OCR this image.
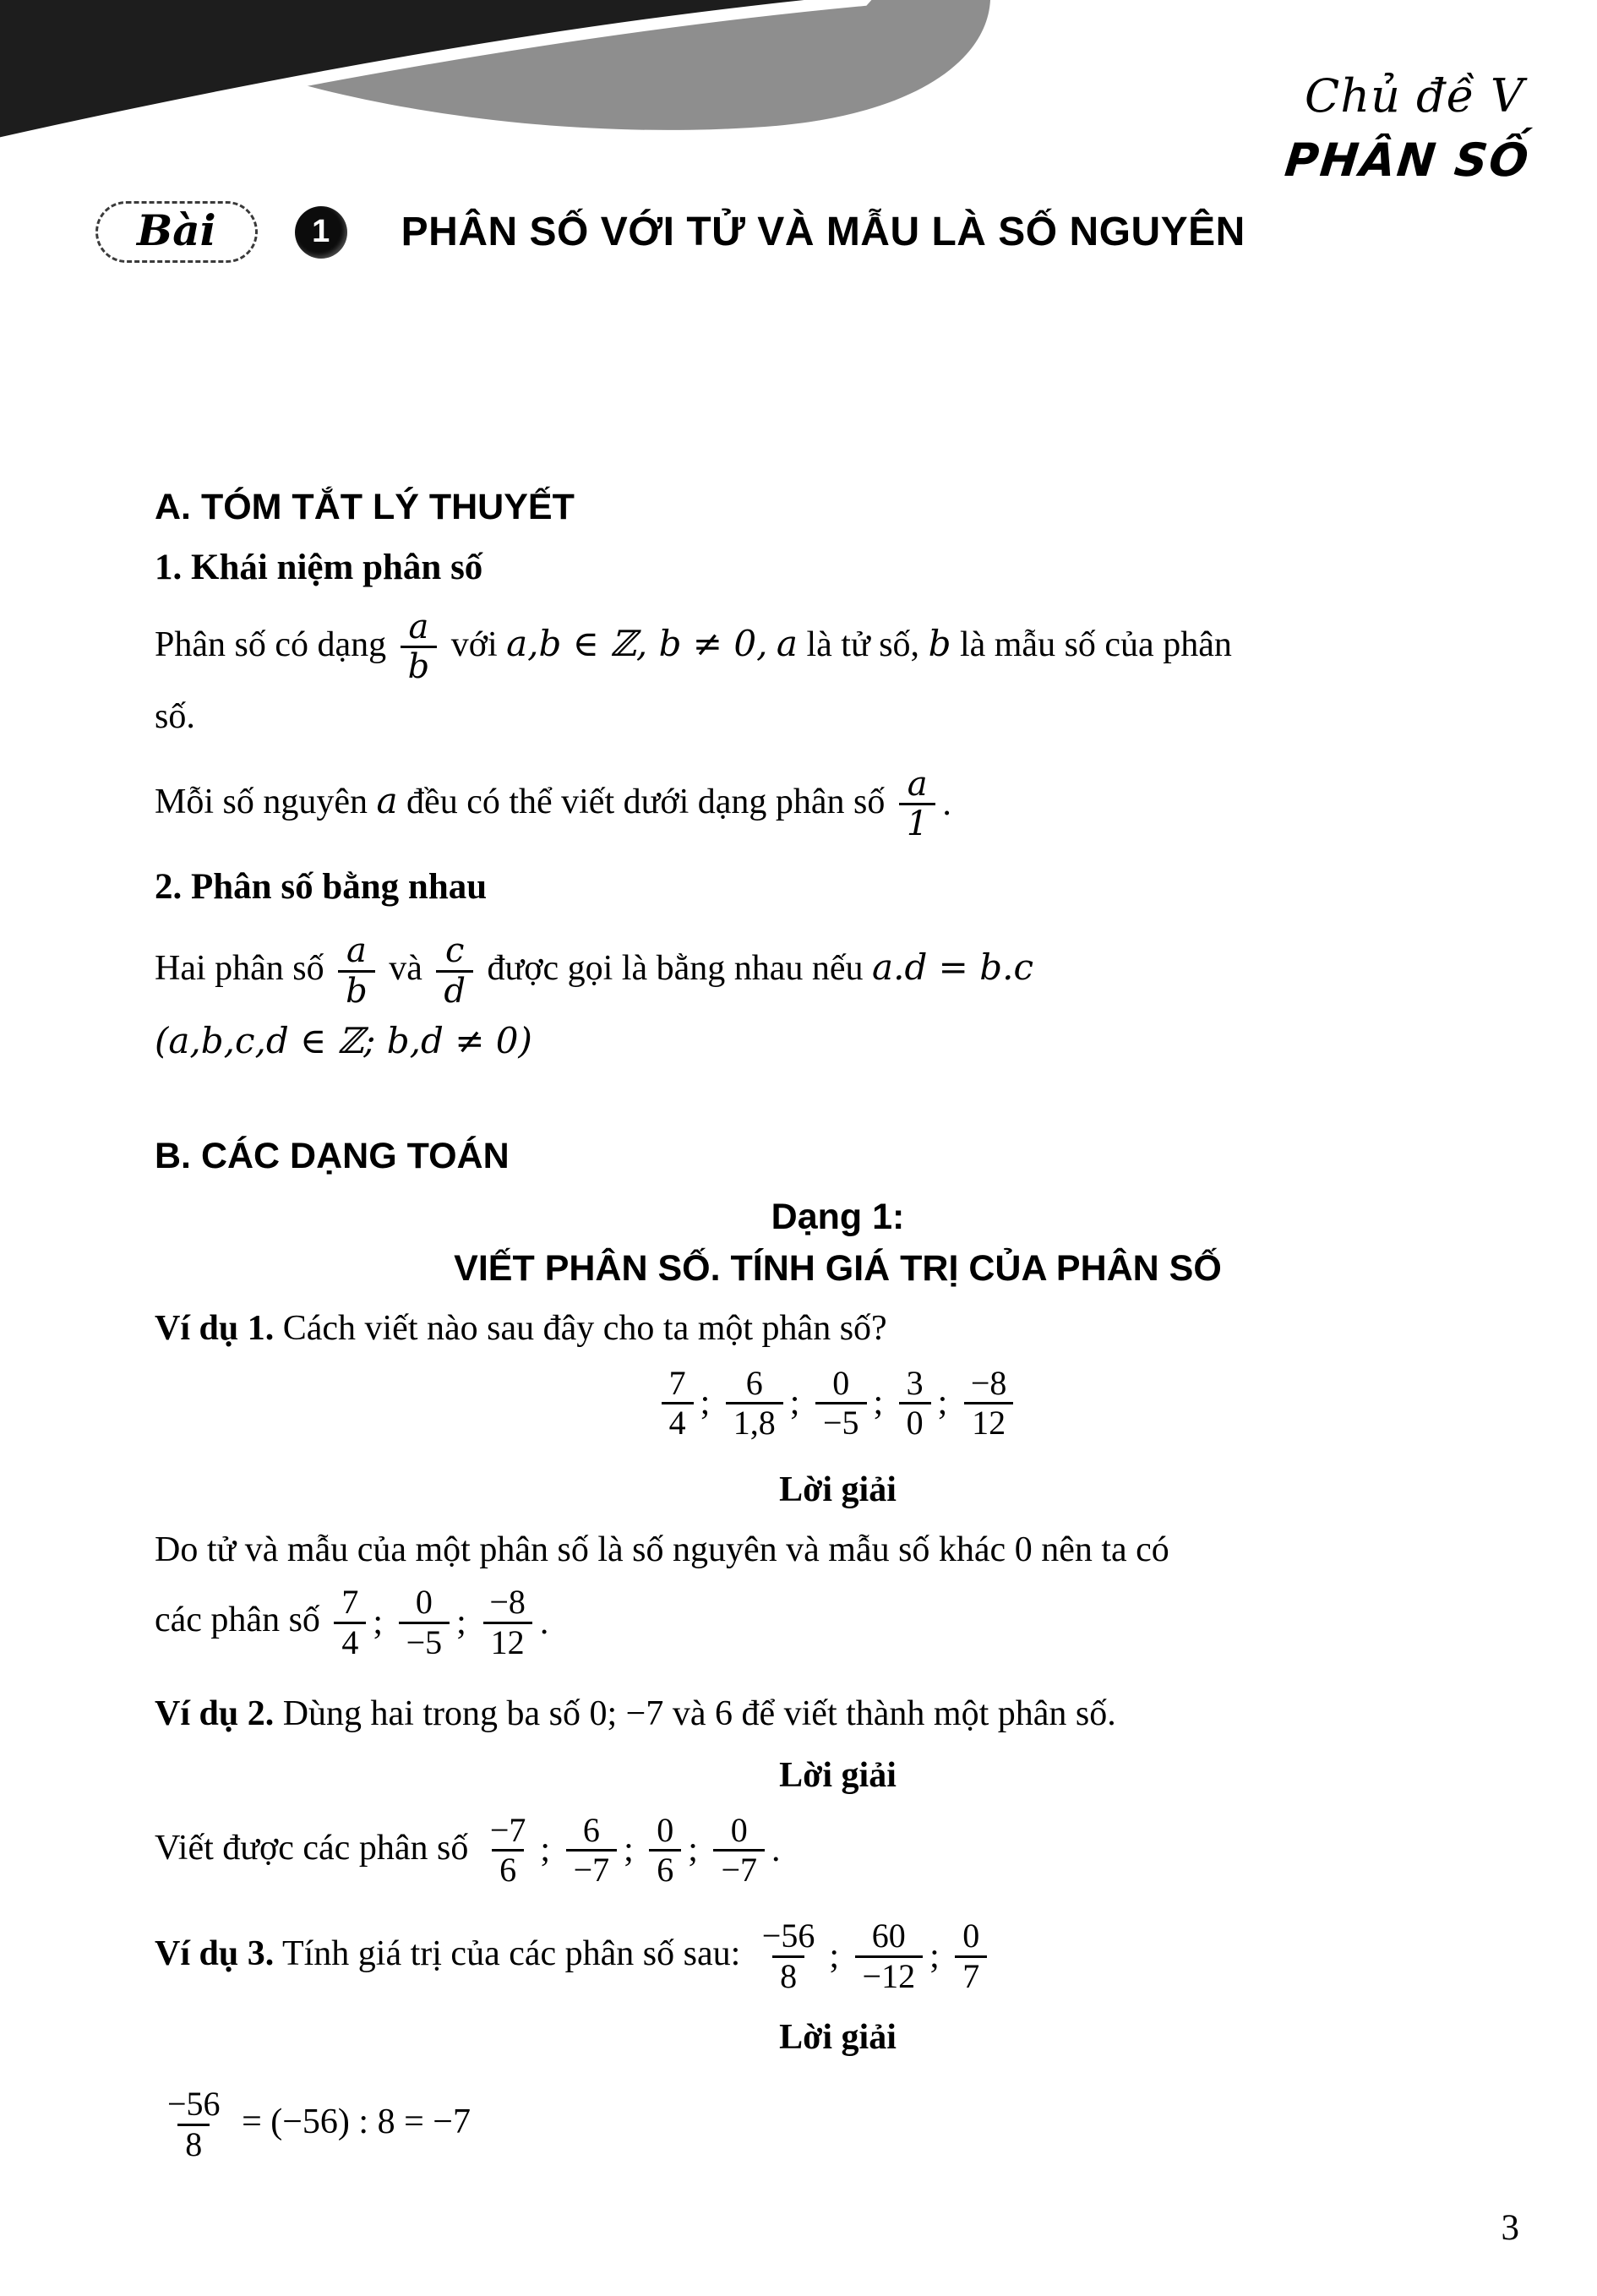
Chủ đề V
PHÂN SỐ
Bài	1 PHÂN SỐ VỚI TỬ VÀ MẪU LÀ SỐ NGUYÊN

A. TÓM TẮT LÝ THUYẾT

1. Khái niệm phân số

Phân số có dạng $\frac{a}{b}$ với a,b ∈ ℤ, b ≠ 0, a là tử số, b là mẫu số của phân

số.

Mỗi số nguyên a đều có thể viết dưới dạng phân số $\frac{a}{1}$ .

2. Phân số bằng nhau

Hai phân số $\frac{a}{b}$ và $\frac{c}{d}$ được gọi là bằng nhau nếu a.d = b.c

(a,b,c,d ∈ ℤ; b,d ≠ 0)

B. CÁC DẠNG TOÁN

Dạng 1:

VIẾT PHÂN SỐ. TÍNH GIÁ TRỊ CỦA PHÂN SỐ

Ví dụ 1. Cách viết nào sau đây cho ta một phân số?

$\frac{7}{4}$ ; $\frac{6}{1,8}$ ; $\frac{0}{-5}$ ; $\frac{3}{0}$ ; $\frac{-8}{12}$

Lời giải

Do tử và mẫu của một phân số là số nguyên và mẫu số khác 0 nên ta có

các phân số $\frac{7}{4}$ ; $\frac{0}{-5}$ ; $\frac{-8}{12}$ .

Ví dụ 2. Dùng hai trong ba số 0; −7 và 6 để viết thành một phân số.

Lời giải

Viết được các phân số $\frac{-7}{6}$ ; $\frac{6}{-7}$ ; $\frac{0}{6}$ ; $\frac{0}{-7}$ .

Ví dụ 3. Tính giá trị của các phân số sau: $\frac{-56}{8}$ ; $\frac{60}{-12}$ ; $\frac{0}{7}$

Lời giải

$\frac{-56}{8} = (-56)$ : 8 = −7

3
